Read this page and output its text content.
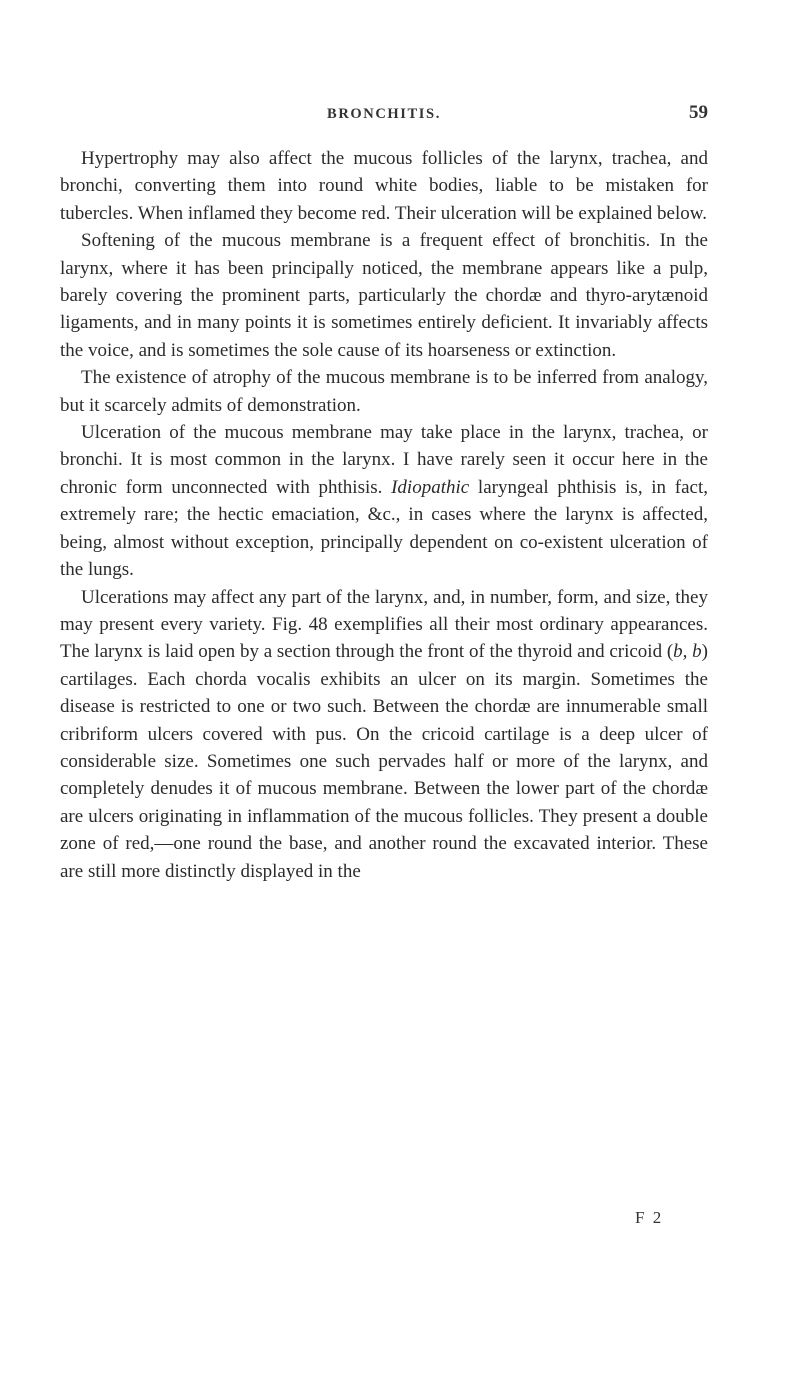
BRONCHITIS.	59

Hypertrophy may also affect the mucous follicles of the larynx, trachea, and bronchi, converting them into round white bodies, liable to be mistaken for tubercles. When inflamed they become red. Their ulceration will be explained below.

Softening of the mucous membrane is a frequent effect of bronchitis. In the larynx, where it has been principally noticed, the membrane appears like a pulp, barely covering the prominent parts, particularly the chordæ and thyro-arytænoid ligaments, and in many points it is sometimes entirely deficient. It invariably affects the voice, and is sometimes the sole cause of its hoarseness or extinction.

The existence of atrophy of the mucous membrane is to be inferred from analogy, but it scarcely admits of demonstration.

Ulceration of the mucous membrane may take place in the larynx, trachea, or bronchi. It is most common in the larynx. I have rarely seen it occur here in the chronic form unconnected with phthisis. Idiopathic laryngeal phthisis is, in fact, extremely rare; the hectic emaciation, &c., in cases where the larynx is affected, being, almost without exception, principally dependent on co-existent ulceration of the lungs.

Ulcerations may affect any part of the larynx, and, in number, form, and size, they may present every variety. Fig. 48 exemplifies all their most ordinary appearances. The larynx is laid open by a section through the front of the thyroid and cricoid (b, b) cartilages. Each chorda vocalis exhibits an ulcer on its margin. Sometimes the disease is restricted to one or two such. Between the chordæ are innumerable small cribriform ulcers covered with pus. On the cricoid cartilage is a deep ulcer of considerable size. Sometimes one such pervades half or more of the larynx, and completely denudes it of mucous membrane. Between the lower part of the chordæ are ulcers originating in inflammation of the mucous follicles. They present a double zone of red,—one round the base, and another round the excavated interior. These are still more distinctly displayed in the

F 2
